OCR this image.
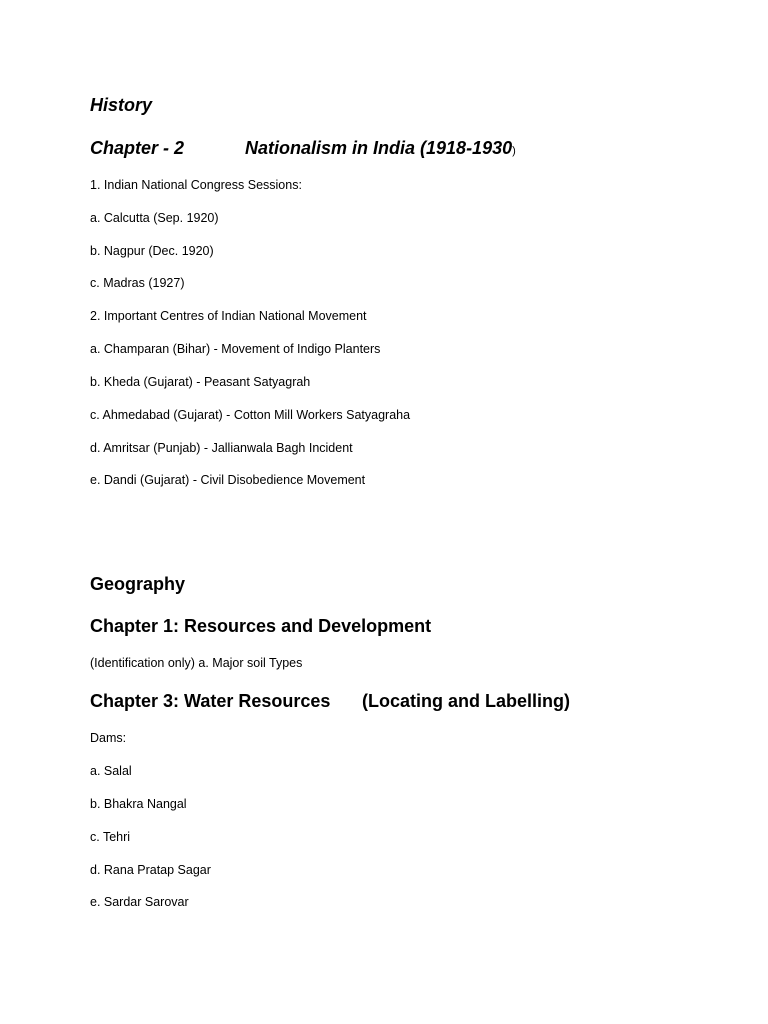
History
Chapter - 2	Nationalism in India (1918-1930)

1. Indian National Congress Sessions:

a. Calcutta (Sep. 1920)

b. Nagpur (Dec. 1920)

c. Madras (1927)

2. Important Centres of Indian National Movement

a. Champaran (Bihar) - Movement of Indigo Planters

b. Kheda (Gujarat) - Peasant Satyagrah

c. Ahmedabad (Gujarat) - Cotton Mill Workers Satyagraha

d. Amritsar (Punjab) - Jallianwala Bagh Incident

e. Dandi (Gujarat) - Civil Disobedience Movement

Geography
Chapter 1: Resources and Development

(Identification only) a. Major soil Types

Chapter 3: Water Resources (Locating and Labelling)

Dams:

a. Salal

b. Bhakra Nangal

c. Tehri

d. Rana Pratap Sagar

e. Sardar Sarovar
